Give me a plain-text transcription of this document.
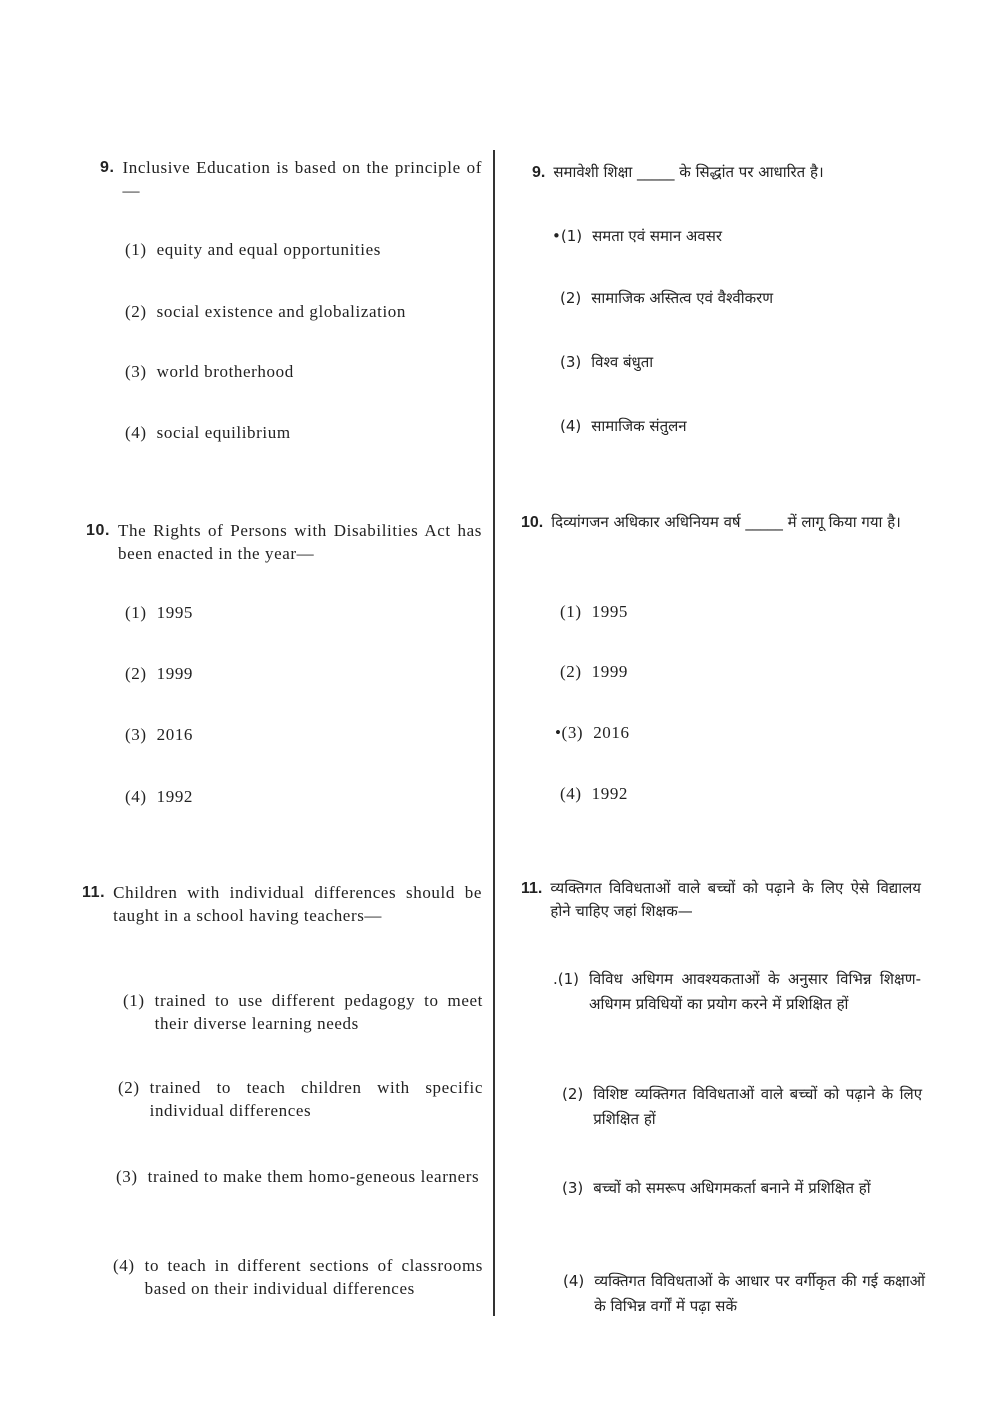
9. Inclusive Education is based on the principle of—
(1) equity and equal opportunities
(2) social existence and globalization
(3) world brotherhood
(4) social equilibrium
10. The Rights of Persons with Disabilities Act has been enacted in the year—
(1) 1995
(2) 1999
(3) 2016
(4) 1992
11. Children with individual differences should be taught in a school having teachers—
(1) trained to use different pedagogy to meet their diverse learning needs
(2) trained to teach children with specific individual differences
(3) trained to make them homo-geneous learners
(4) to teach in different sections of classrooms based on their individual differences
9. समावेशी शिक्षा _____ के सिद्धांत पर आधारित है।
•(1) समता एवं समान अवसर
(2) सामाजिक अस्तित्व एवं वैश्वीकरण
(3) विश्व बंधुता
(4) सामाजिक संतुलन
10. दिव्यांगजन अधिकार अधिनियम वर्ष _____ में लागू किया गया है।
(1) 1995
(2) 1999
•(3) 2016
(4) 1992
11. व्यक्तिगत विविधताओं वाले बच्चों को पढ़ाने के लिए ऐसे विद्यालय होने चाहिए जहां शिक्षक—
.(1) विविध अधिगम आवश्यकताओं के अनुसार विभिन्न शिक्षण-अधिगम प्रविधियों का प्रयोग करने में प्रशिक्षित हों
(2) विशिष्ट व्यक्तिगत विविधताओं वाले बच्चों को पढ़ाने के लिए प्रशिक्षित हों
(3) बच्चों को समरूप अधिगमकर्ता बनाने में प्रशिक्षित हों
(4) व्यक्तिगत विविधताओं के आधार पर वर्गीकृत की गई कक्षाओं के विभिन्न वर्गों में पढ़ा सकें
